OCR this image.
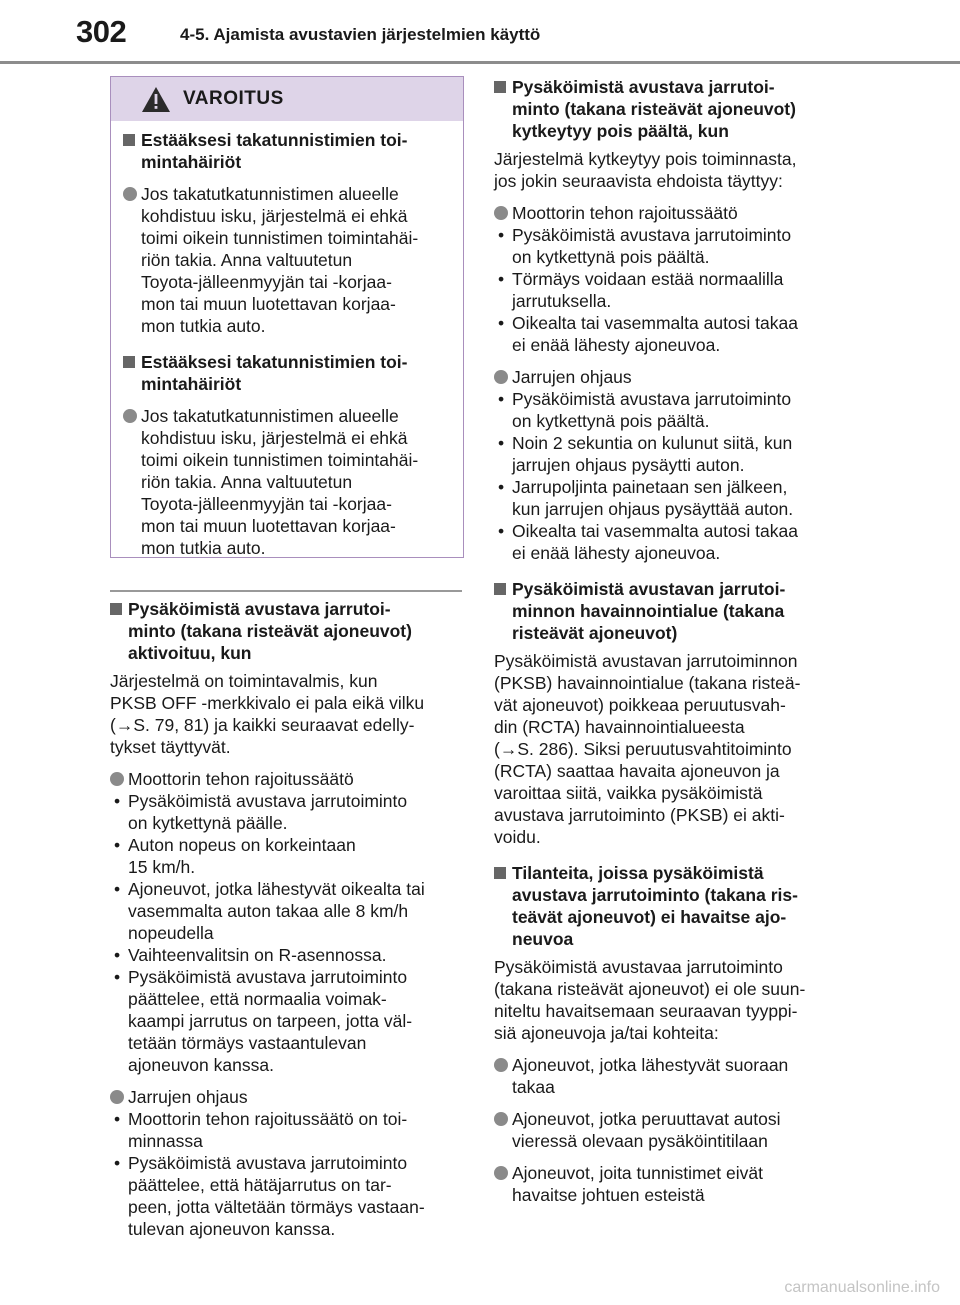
302	4-5. Ajamista avustavien järjestelmien käyttö
VAROITUS
Estääksesi takatunnistimien toi-
mintahäiriöt
Jos takatutkatunnistimen alueelle
kohdistuu isku, järjestelmä ei ehkä
toimi oikein tunnistimen toimintahäi-
riön takia. Anna valtuutetun
Toyota-jälleenmyyjän tai -korjaa-
mon tai muun luotettavan korjaa-
mon tutkia auto.
Estääksesi takatunnistimien toi-
mintahäiriöt
Jos takatutkatunnistimen alueelle
kohdistuu isku, järjestelmä ei ehkä
toimi oikein tunnistimen toimintahäi-
riön takia. Anna valtuutetun
Toyota-jälleenmyyjän tai -korjaa-
mon tai muun luotettavan korjaa-
mon tutkia auto.
Pysäköimistä avustava jarrutoi-
minto (takana risteävät ajoneuvot)
aktivoituu, kun

Järjestelmä on toimintavalmis, kun
PKSB OFF -merkkivalo ei pala eikä vilku
(→S. 79, 81) ja kaikki seuraavat edelly-
tykset täyttyvät.

Moottorin tehon rajoitussäätö
• Pysäköimistä avustava jarrutoiminto
on kytkettynä päälle.
• Auton nopeus on korkeintaan
15 km/h.
• Ajoneuvot, jotka lähestyvät oikealta tai
vasemmalta auton takaa alle 8 km/h
nopeudella
• Vaihteenvalitsin on R-asennossa.
• Pysäköimistä avustava jarrutoiminto
päättelee, että normaalia voimak-
kaampi jarrutus on tarpeen, jotta väl-
tetään törmäys vastaantulevan
ajoneuvon kanssa.
Jarrujen ohjaus
• Moottorin tehon rajoitussäätö on toi-
minnassa
• Pysäköimistä avustava jarrutoiminto
päättelee, että hätäjarrutus on tar-
peen, jotta vältetään törmäys vastaan-
tulevan ajoneuvon kanssa.
Pysäköimistä avustava jarrutoi-
minto (takana risteävät ajoneuvot)
kytkeytyy pois päältä, kun

Järjestelmä kytkeytyy pois toiminnasta,
jos jokin seuraavista ehdoista täyttyy:

Moottorin tehon rajoitussäätö
• Pysäköimistä avustava jarrutoiminto
on kytkettynä pois päältä.
• Törmäys voidaan estää normaalilla
jarrutuksella.
• Oikealta tai vasemmalta autosi takaa
ei enää lähesty ajoneuvoa.
Jarrujen ohjaus
• Pysäköimistä avustava jarrutoiminto
on kytkettynä pois päältä.
• Noin 2 sekuntia on kulunut siitä, kun
jarrujen ohjaus pysäytti auton.
• Jarrupoljinta painetaan sen jälkeen,
kun jarrujen ohjaus pysäyttää auton.
• Oikealta tai vasemmalta autosi takaa
ei enää lähesty ajoneuvoa.
Pysäköimistä avustavan jarrutoi-
minnon havainnointialue (takana
risteävät ajoneuvot)

Pysäköimistä avustavan jarrutoiminnon
(PKSB) havainnointialue (takana risteä-
vät ajoneuvot) poikkeaa peruutusvah-
din (RCTA) havainnointialueesta
(→S. 286). Siksi peruutusvahtitoiminto
(RCTA) saattaa havaita ajoneuvon ja
varoittaa siitä, vaikka pysäköimistä
avustava jarrutoiminto (PKSB) ei akti-
voidu.

Tilanteita, joissa pysäköimistä
avustava jarrutoiminto (takana ris-
teävät ajoneuvot) ei havaitse ajo-
neuvoa

Pysäköimistä avustavaa jarrutoiminto
(takana risteävät ajoneuvot) ei ole suun-
niteltu havaitsemaan seuraavan tyyppi-
siä ajoneuvoja ja/tai kohteita:

Ajoneuvot, jotka lähestyvät suoraan
takaa
Ajoneuvot, jotka peruuttavat autosi
vieressä olevaan pysäköintitilaan
Ajoneuvot, joita tunnistimet eivät
havaitse johtuen esteistä
carmanualsonline.info
